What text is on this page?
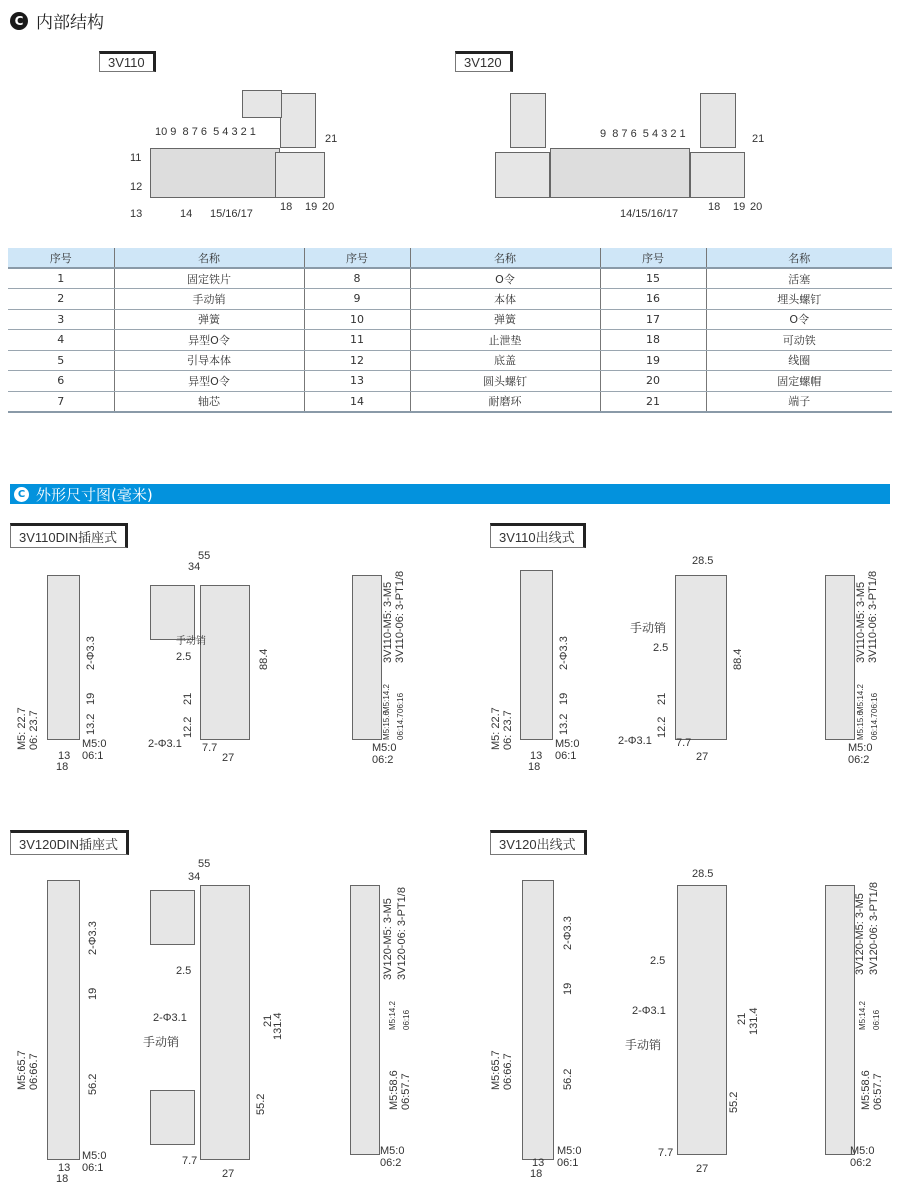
C 内部结构
3V110
10 9  8 7 6  5 4 3 2 1
11
12
13	14 15/16/17
18 19 20
21
3V120
9  8 7 6  5 4 3 2 1
14/15/16/17
18 19 20
21
序号	名称	序号	名称	序号	名称
1	固定铁片	8	O令	15	活塞
2	手动销	9	本体	16	埋头螺钉
3	弹簧	10	弹簧	17	O令
4	异型O令	11	止泄垫	18	可动铁
5	引导本体	12	底盖	19	线圈
6	异型O令	13	圆头螺钉	20	固定螺帽
7	轴芯	14	耐磨环	21	端子
C 外形尺寸图(毫米)
3V110DIN插座式
2-Φ3.3
19
13.2
M5: 22.7 06: 23.7	M5:0
06:1
13
18
55
34
手动销
2.5	88.4
21
12.2
2-Φ3.1 7.7
27
3V110-M5: 3-M5 3V110-06: 3-PT1/8
M5:14.2 06:16
M5:15.6 06:14.7
M5:0
06:2
3V110出线式
2-Φ3.3
19
13.2
M5: 22.7 06: 23.7	M5:0
06:1
13
18
28.5
手动销
2.5
88.4
21
12.2
2-Φ3.1 7.7
27
3V110-M5: 3-M5 3V110-06: 3-PT1/8
M5:14.2 06:16
M5:15.6 06:14.7
M5:0
06:2
3V120DIN插座式
2-Φ3.3
19
56.2
M5:65.7 06:66.7
M5:0
06:1
13
18
55
34
2.5
2-Φ3.1
手动销
21
131.4
55.2
7.7
27
3V120-M5: 3-M5 3V120-06: 3-PT1/8
M5:14.2 06:16
M5:58.6 06:57.7
M5:0
06:2
3V120出线式
2-Φ3.3
19
56.2
M5:65.7 06:66.7
M5:0
06:1
13
18
28.5
2.5
2-Φ3.1
手动销
21 131.4
55.2
7.7
27
3V120-M5: 3-M5 3V120-06: 3-PT1/8
M5:14.2 06:16
M5:58.6 06:57.7
M5:0
06:2
